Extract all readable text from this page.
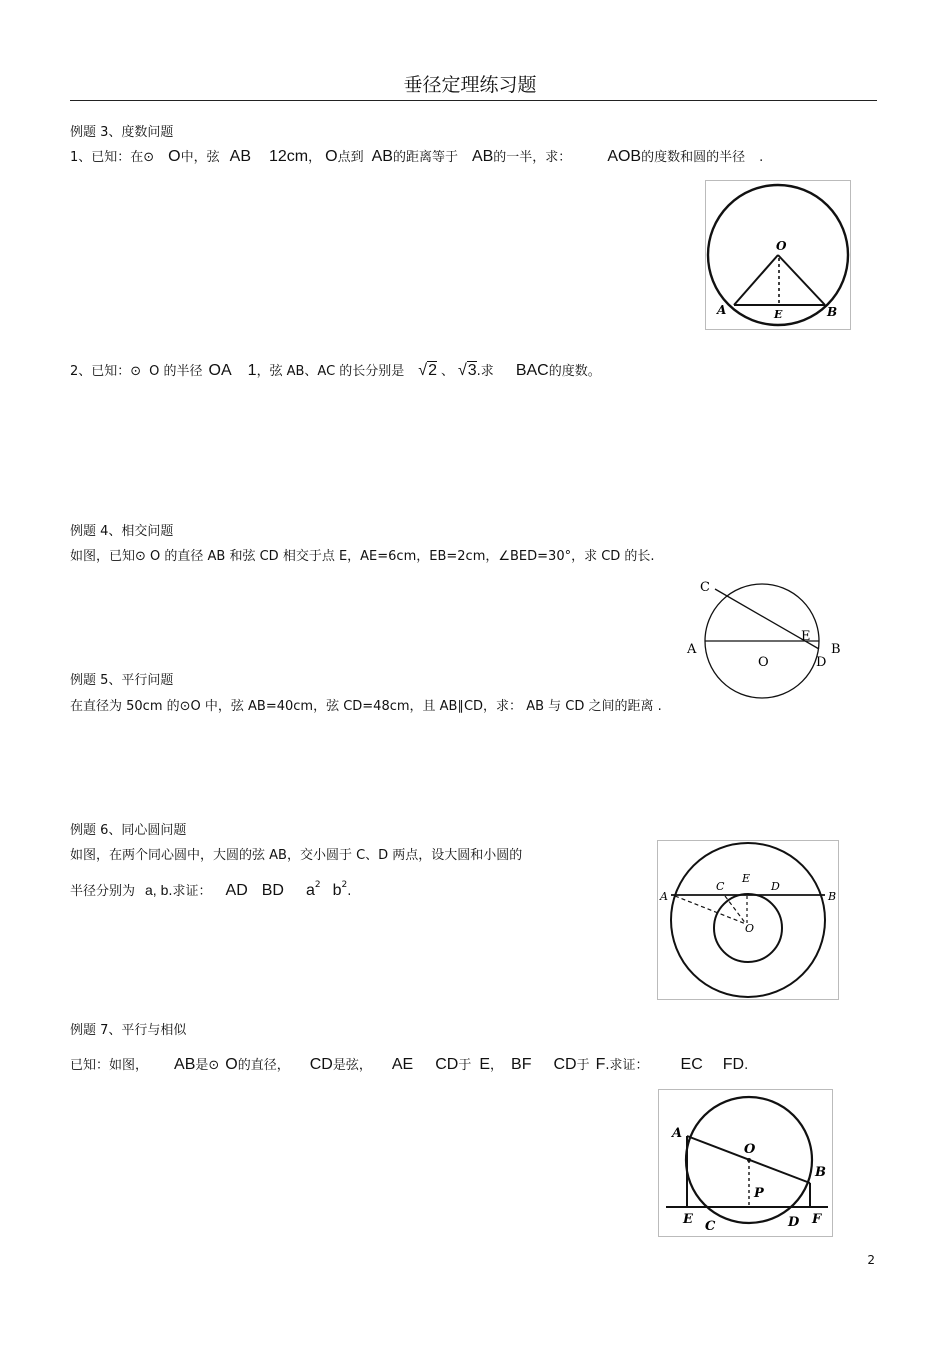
垂径定理练习题
例题 3、度数问题
1、已知：在⊙ O中，弦 AB 12cm， O点到 AB的距离等于 AB的一半，求： AOB的度数和圆的半径 .
O
A	E	B
2、已知：⊙ O 的半径 OA 1，弦 AB、AC 的长分别是 √2 、 √3.求 BAC的度数。
例题 4、相交问题
如图，已知⊙ O 的直径 AB 和弦 CD 相交于点 E，AE=6cm，EB=2cm，∠BED=30°，求 CD 的长.
C
A
E
B
O	D
例题 5、平行问题
在直径为 50cm 的⊙O 中，弦 AB=40cm，弦 CD=48cm，且 AB∥CD，求： AB 与 CD 之间的距离 .
例题 6、同心圆问题
如图，在两个同心圆中，大圆的弦 AB，交小圆于 C、D 两点，设大圆和小圆的
半径分别为 a, b.求证： AD BD $a^2$ $b^2$.	A
C
E
D
B
O
例题 7、平行与相似
已知：如图， AB是⊙ O的直径， CD是弦， AE CD于 E， BF CD于 F.求证： EC FD.
A
O
B
P
E C	D F
2
